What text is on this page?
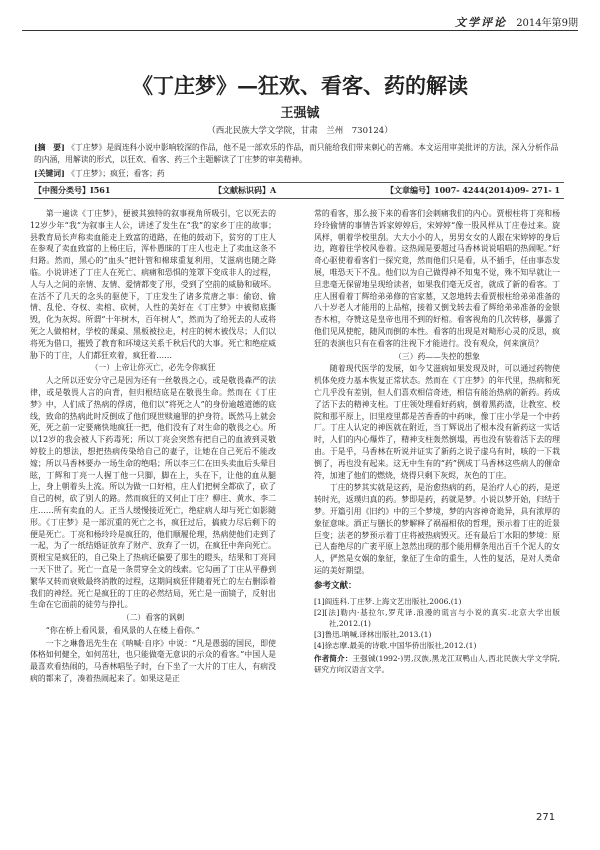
文学评论 2014年第9期
《丁庄梦》—狂欢、看客、药的解读
王强铖
（西北民族大学文学院，甘肃　兰州　730124）
[摘　要] 《丁庄梦》是阎连科小说中影响较深的作品，他不是一部欢乐的作品，而只能给我们带来刺心的苦痛。本文运用审美批评的方法，深入分析作品的内涵，用解读的形式，以狂欢、看客、药三个主题解读了丁庄梦的审美精神。
[关键词] 《丁庄梦》；疯狂；看客；药
【中图分类号】I561	【文献标识码】A	【文章编号】1007- 4244(2014)09- 271- 1

第一遍读《丁庄梦》，便被其独特的叙事视角所吸引，它以死去的12岁少年“我”为叙事主人公，讲述了发生在“我”的家乡丁庄的故事；县教育局长声称卖血能走上致富的道路，在他的鼓动下，贫穷的丁庄人在参观了卖血致富的上杨庄后，浑朴愚昧的丁庄人也走上了卖血这条不归路。然而，黑心的“血头”把针管和棉球重复利用，艾滋病也随之降临。小说讲述了丁庄人在死亡、病痛和恐惧的笼罩下变成非人的过程，人与人之间的亲情、友情、爱情都变了形，受到了空前的威胁和破坏。在活不了几天的念头的驱使下，丁庄发生了诸多荒唐之事：偷窃、偷情、乱伦、夺权、卖棺、砍树，人性的美好在《丁庄梦》中被彻底撕毁，化为灰烬。所谓“十年树木，百年树人”，然而为了给死去的人或将死之人做棺材，学校的课桌、黑板被拉走，村庄的树木被伐尽；人们以将死为借口，摧毁了教育和环境这关系千秋后代的大事。死亡和绝症威胁下的丁庄，人们都狂欢着，疯狂着……

（一）上帝让你灭亡，必先令你疯狂

人之所以还安分守己是因为还有一丝敬畏之心，或是敬畏森严的法律，或是敬畏人言的向背，但归根结底是在敬畏生命。然而在《丁庄梦》中，人们成了热病的俘虏，他们以“将死之人”的身份逾越道德的底线，致命的热病此时反倒成了他们现世赎遍罪的护身符。既然马上就会死，死之前一定要痛快地疯狂一把，他们没有了对生命的敬畏之心。所以12岁的我会被人下药毒死；所以丁亮会突然有把自己的血液到灵敬婷胶上的想法，想把热病传染给自己的妻子，让她在自己死后不能改嫁；所以马香林要办一场生命的绝唱；所以李三仁在田头卖血后头晕目眩，丁辉和丁亮一人握丁他一只脚，脚在上，头在下，让他的血从腿上，身上朝着头上流。所以为做一口好棺，庄人们把树全都砍了，砍了自己的树，砍了别人的路。然而疯狂的又何止丁庄？柳庄、黄水、李二庄……所有卖血的人。正当人缓慢接近死亡，绝症病人却与死亡如影随形。《丁庄梦》是一部沉重的死亡之书，疯狂过后，搞疲力尽后剩下的便是死亡。丁亮和杨玲玲是疯狂的，他们顺履伦理，热病使他们走到了一起，为了一纸结婚证放弃了财产、放弃了一切，在疯狂中奔向死亡。贾根宝是疯狂的，自己染上了热病还偏要了那生的瞪头，结果和丁亮同一天下世了。死亡一直是一条贯穿全文的线索。它勾画了丁庄从平静到繁华又转而衰败最终消散的过程，这期间疯狂伴随着死亡的左右删添着我们的神经。死亡是疯狂的丁庄的必然结局，死亡是一面镜子，反射出生命在它面前的徒劳与挣扎。

（二）看客的讽刺

“你在桥上看风景，看风景的人在楼上看你。”

一卞之琳鲁迅先生在《呐喊·自序》中说：“凡是愚弱的国民，即使体格如何健全，如何茁壮，也只能做毫无意识的示众的看客。”中国人是最喜欢看热闹的，马香林唱坠子时，台下坐了一大片的丁庄人，有病没病的都来了，凑着热闹起来了。如果这是正

常的看客，那么接下来的看客们会刺痛我们的内心。贾根柱将丁亮和杨玲玲偷情的事情告诉家婷婷后，宋婷婷“像一股风样从丁庄卷过来。旋风样，朝着学校里刮。大大小小的人，男男女女的人跟在宋婷婷的身后边，跑着往学校风卷着。这热闹是要超过马香林说说唱唱的热闹呢。”好奇心驱使着看客们一探究竟，然而他们只是看，从不插手，任由事态发展，唯恐天下不乱。他们以为自己做得神不知鬼不觉，殊不知早就让一旦悲毫无保留地呈现给读者，如果我们毫无反省，就成了新的看客。丁庄人围看着丁辉给弟弟修的官家墓，又忽地转去看贾根柱给弟弟准备的八十岁老人才能用的上品棺，接着又倒戈转去看了辉给弟弟准备的金银杏木棺，夺赞这是皇帝也用不到的好棺。看客视角的几次转移，暴露了他们见风使舵，随风而倒的本性。看客的出现是对畸形心灵的反思，疯狂的表演也只有在看客的注视下才能进行。没有观众，何来演员？

（三）药——失控的想象

随着现代医学的发展，如今艾滋病如果发现及时，可以通过药物使机体免疫力基本恢复正常状态。然而在《丁庄梦》的年代里，热病和死亡几乎没有差别，但人们喜欢相信奇迹，相信有能治热病的新药。药成了活下去的精神支柱。丁庄领处理看好药病，倒着黑药渣，让教室、校院和那平原上，旧里疫里都是苦香香的中药味，像丁庄小学是一个中药厂。丁庄人认定的神医就在附近，当丁辉说出了根本没有新药这一实话时，人们的内心爆炸了，精神支柱轰然倒塌，再也没有装着活下去的理由。于是乎，马香林在听说并证实了新药之说子虚乌有时，咳的一下栽倒了，再也没有起来。这无中生有的“药”例成丁马香林这些病人的催命符，加速了他们的燃烧，烧得只剩下灰烬，灰色的丁庄。

丁庄的梦其实就是这药，是治愈热病的药，是治疗人心的药，是逆转时光，返璞归真的药。梦即是药，药就是梦。小说以梦开始，归结于梦。开篇引用《旧约》中的三个梦境，梦的内容神奇诡异，具有浓厚的象征意味。酒正与膳长的梦解释了祸福相依的哲理，预示着丁庄的近景巨变；法老的梦预示着丁庄将被热病毁灭。还有最后丁水阳的梦境：原已人畜绝尽的广袤平原上忽然出现的那个能用柳条甩出百千个泥人的女人，俨然是女娲的象征，象征了生命的重生，人性的复活，是对人类命运的美好期望。

参考文献：
[1]阎连科.丁庄梦.上海文艺出版社,2006.(1)
[2][法]勒内·基拉尔,罗芃译.浪漫的谎言与小说的真实.北京大学出版社,2012.(1)
[3]鲁迅.呐喊.译林出版社,2013.(1)
[4]徐志摩.最美的诗歌.中国华侨出版社,2012.(1)
作者简介：王强铖(1992-)男,汉族,黑龙江双鸭山人,西北民族大学文学院,研究方向汉语言文学。
271
